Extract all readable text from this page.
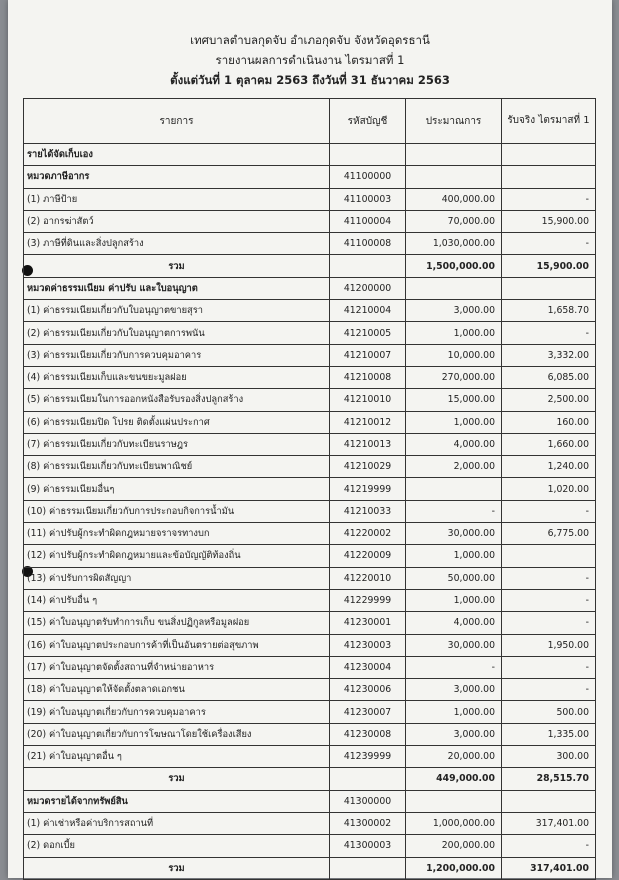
เทศบาลตำบลกุดจับ อำเภอกุดจับ จังหวัดอุดรธานี
รายงานผลการดำเนินงาน ไตรมาสที่ 1
ตั้งแต่วันที่ 1 ตุลาคม 2563 ถึงวันที่ 31 ธันวาคม 2563
รายการ	รหัสบัญชี	ประมาณการ	รับจริง ไตรมาสที่ 1
รายได้จัดเก็บเอง			
หมวดภาษีอากร	41100000		
(1) ภาษีป้าย	41100003	400,000.00	-
(2) อากรฆ่าสัตว์	41100004	70,000.00	15,900.00
(3) ภาษีที่ดินและสิ่งปลูกสร้าง	41100008	1,030,000.00	-
รวม		1,500,000.00	15,900.00
หมวดค่าธรรมเนียม ค่าปรับ และใบอนุญาต	41200000		
(1) ค่าธรรมเนียมเกี่ยวกับใบอนุญาตขายสุรา	41210004	3,000.00	1,658.70
(2) ค่าธรรมเนียมเกี่ยวกับใบอนุญาตการพนัน	41210005	1,000.00	-
(3) ค่าธรรมเนียมเกี่ยวกับการควบคุมอาคาร	41210007	10,000.00	3,332.00
(4) ค่าธรรมเนียมเก็บและขนขยะมูลฝอย	41210008	270,000.00	6,085.00
(5) ค่าธรรมเนียมในการออกหนังสือรับรองสิ่งปลูกสร้าง	41210010	15,000.00	2,500.00
(6) ค่าธรรมเนียมปิด โปรย ติดตั้งแผ่นประกาศ	41210012	1,000.00	160.00
(7) ค่าธรรมเนียมเกี่ยวกับทะเบียนราษฎร	41210013	4,000.00	1,660.00
(8) ค่าธรรมเนียมเกี่ยวกับทะเบียนพาณิชย์	41210029	2,000.00	1,240.00
(9) ค่าธรรมเนียมอื่นๆ	41219999		1,020.00
(10) ค่าธรรมเนียมเกี่ยวกับการประกอบกิจการน้ำมัน	41210033	-	-
(11) ค่าปรับผู้กระทำผิดกฎหมายจราจรทางบก	41220002	30,000.00	6,775.00
(12) ค่าปรับผู้กระทำผิดกฎหมายและข้อบัญญัติท้องถิ่น	41220009	1,000.00	
(13) ค่าปรับการผิดสัญญา	41220010	50,000.00	-
(14) ค่าปรับอื่น ๆ	41229999	1,000.00	-
(15) ค่าใบอนุญาตรับทำการเก็บ ขนสิ่งปฏิกูลหรือมูลฝอย	41230001	4,000.00	-
(16) ค่าใบอนุญาตประกอบการค้าที่เป็นอันตรายต่อสุขภาพ	41230003	30,000.00	1,950.00
(17) ค่าใบอนุญาตจัดตั้งสถานที่จำหน่ายอาหาร	41230004	-	-
(18) ค่าใบอนุญาตให้จัดตั้งตลาดเอกชน	41230006	3,000.00	-
(19) ค่าใบอนุญาตเกี่ยวกับการควบคุมอาคาร	41230007	1,000.00	500.00
(20) ค่าใบอนุญาตเกี่ยวกับการโฆษณาโดยใช้เครื่องเสียง	41230008	3,000.00	1,335.00
(21) ค่าใบอนุญาตอื่น ๆ	41239999	20,000.00	300.00
รวม		449,000.00	28,515.70
หมวดรายได้จากทรัพย์สิน	41300000		
(1) ค่าเช่าหรือค่าบริการสถานที่	41300002	1,000,000.00	317,401.00
(2) ดอกเบี้ย	41300003	200,000.00	-
รวม		1,200,000.00	317,401.00
